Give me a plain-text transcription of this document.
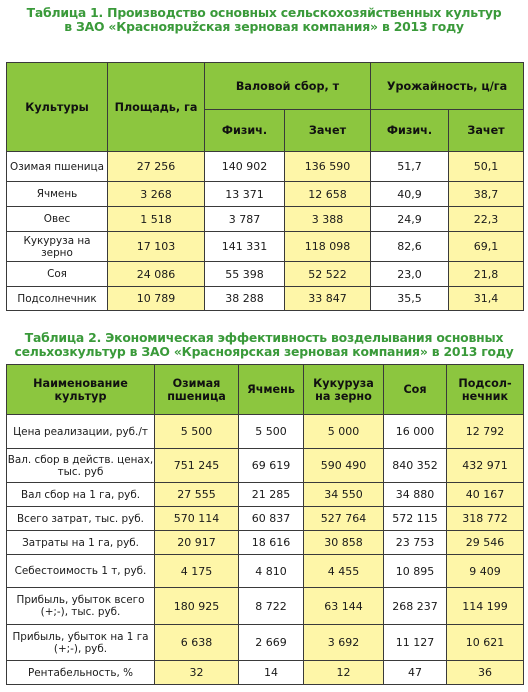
Таблица 1. Производство основных сельскохозяйственных культур
в ЗАО «Красноярužская зерновая компания» в 2013 году
Культуры	Площадь, га	Валовой сбор, т		Урожайность, ц/га	
		Физич.	Зачет	Физич.	Зачет
Озимая пшеница	27 256	140 902	136 590	51,7	50,1
Ячмень	3 268	13 371	12 658	40,9	38,7
Овес	1 518	3 787	3 388	24,9	22,3
Кукуруза на зерно	17 103	141 331	118 098	82,6	69,1
Соя	24 086	55 398	52 522	23,0	21,8
Подсолнечник	10 789	38 288	33 847	35,5	31,4
Таблица 2. Экономическая эффективность возделывания основных
сельхозкультур в ЗАО «Красноярская зерновая компания» в 2013 году
Наименование культур	Озимая пшеница	Ячмень	Кукуруза на зерно	Соя	Подсол-нечник
Цена реализации, руб./т	5 500	5 500	5 000	16 000	12 792
Вал. сбор в действ. ценах, тыс. руб	751 245	69 619	590 490	840 352	432 971
Вал сбор на 1 га, руб.	27 555	21 285	34 550	34 880	40 167
Всего затрат, тыс. руб.	570 114	60 837	527 764	572 115	318 772
Затраты на 1 га, руб.	20 917	18 616	30 858	23 753	29 546
Себестоимость 1 т, руб.	4 175	4 810	4 455	10 895	9 409
Прибыль, убыток всего (+;-), тыс. руб.	180 925	8 722	63 144	268 237	114 199
Прибыль, убыток на 1 га (+;-), руб.	6 638	2 669	3 692	11 127	10 621
Рентабельность, %	32	14	12	47	36
